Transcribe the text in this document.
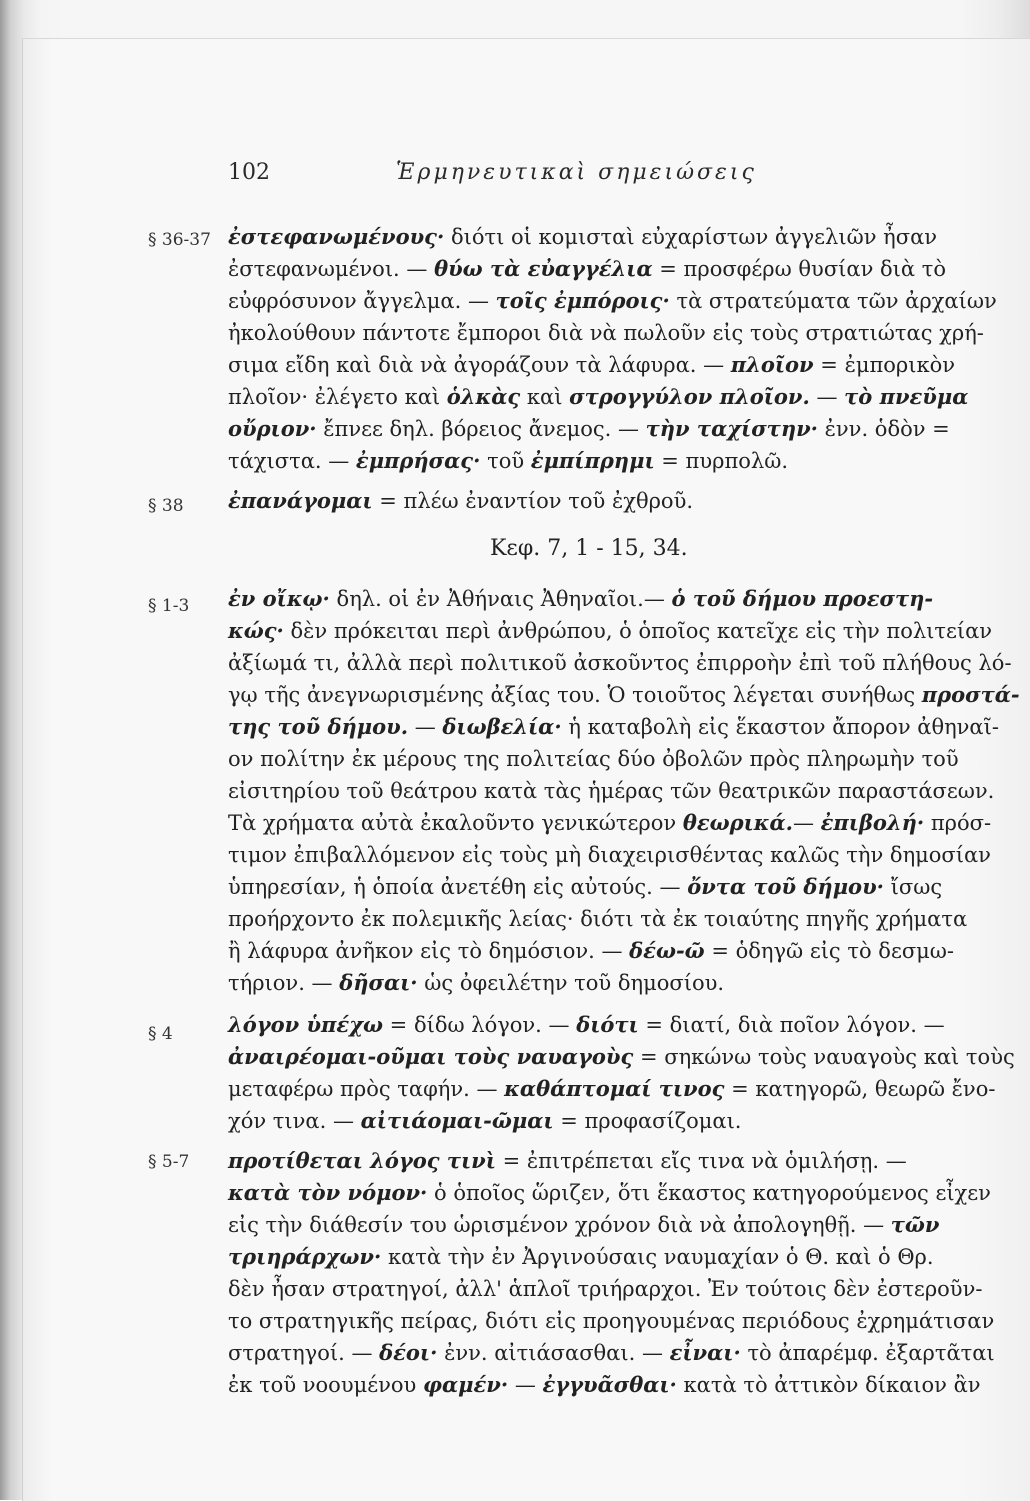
102	Ἑρμηνευτικαὶ σημειώσεις
§ 36-37
§ 38
§ 1-3
§ 4
§ 5-7
Κεφ. 7, 1 - 15, 34.
ἐστεφανωμένους· διότι οἱ κομισταὶ εὐχαρίστων ἀγγελιῶν ἦσαν
ἐστεφανωμένοι. — θύω τὰ εὐαγγέλια = προσφέρω θυσίαν διὰ τὸ
εὐφρόσυνον ἄγγελμα. — τοῖς ἐμπόροις· τὰ στρατεύματα τῶν ἀρχαίων
ἠκολούθουν πάντοτε ἔμποροι διὰ νὰ πωλοῦν εἰς τοὺς στρατιώτας χρή-
σιμα εἴδη καὶ διὰ νὰ ἀγοράζουν τὰ λάφυρα. — πλοῖον = ἐμπορικὸν
πλοῖον· ἐλέγετο καὶ ὁλκὰς καὶ στρογγύλον πλοῖον. — τὸ πνεῦμα
οὔριον· ἔπνεε δηλ. βόρειος ἄνεμος. — τὴν ταχίστην· ἐνν. ὁδὸν =
τάχιστα. — ἐμπρήσας· τοῦ ἐμπίπρημι = πυρπολῶ.
ἐπανάγομαι = πλέω ἐναντίον τοῦ ἐχθροῦ.
ἐν οἴκῳ· δηλ. οἱ ἐν Ἀθήναις Ἀθηναῖοι.— ὁ τοῦ δήμου προεστη-
κώς· δὲν πρόκειται περὶ ἀνθρώπου, ὁ ὁποῖος κατεῖχε εἰς τὴν πολιτείαν
ἀξίωμά τι, ἀλλὰ περὶ πολιτικοῦ ἀσκοῦντος ἐπιρροὴν ἐπὶ τοῦ πλήθους λό-
γῳ τῆς ἀνεγνωρισμένης ἀξίας του. Ὁ τοιοῦτος λέγεται συνήθως προστά-
της τοῦ δήμου. — διωβελία· ἡ καταβολὴ εἰς ἕκαστον ἄπορον ἀθηναῖ-
ον πολίτην ἐκ μέρους της πολιτείας δύο ὀβολῶν πρὸς πληρωμὴν τοῦ
εἰσιτηρίου τοῦ θεάτρου κατὰ τὰς ἡμέρας τῶν θεατρικῶν παραστάσεων.
Τὰ χρήματα αὐτὰ ἐκαλοῦντο γενικώτερον θεωρικά.— ἐπιβολή· πρόσ-
τιμον ἐπιβαλλόμενον εἰς τοὺς μὴ διαχειρισθέντας καλῶς τὴν δημοσίαν
ὑπηρεσίαν, ἡ ὁποία ἀνετέθη εἰς αὐτούς. — ὄντα τοῦ δήμου· ἴσως
προήρχοντο ἐκ πολεμικῆς λείας· διότι τὰ ἐκ τοιαύτης πηγῆς χρήματα
ἢ λάφυρα ἀνῆκον εἰς τὸ δημόσιον. — δέω-ῶ = ὁδηγῶ εἰς τὸ δεσμω-
τήριον. — δῆσαι· ὡς ὀφειλέτην τοῦ δημοσίου.
λόγον ὑπέχω = δίδω λόγον. — διότι = διατί, διὰ ποῖον λόγον. —
ἀναιρέομαι-οῦμαι τοὺς ναυαγοὺς = σηκώνω τοὺς ναυαγοὺς καὶ τοὺς
μεταφέρω πρὸς ταφήν. — καθάπτομαί τινος = κατηγορῶ, θεωρῶ ἔνο-
χόν τινα. — αἰτιάομαι-ῶμαι = προφασίζομαι.
προτίθεται λόγος τινὶ = ἐπιτρέπεται εἴς τινα νὰ ὁμιλήσῃ. —
κατὰ τὸν νόμον· ὁ ὁποῖος ὥριζεν, ὅτι ἕκαστος κατηγορούμενος εἶχεν
εἰς τὴν διάθεσίν του ὡρισμένον χρόνον διὰ νὰ ἀπολογηθῇ. — τῶν
τριηράρχων· κατὰ τὴν ἐν Ἀργινούσαις ναυμαχίαν ὁ Θ. καὶ ὁ Θρ.
δὲν ἦσαν στρατηγοί, ἀλλ' ἁπλοῖ τριήραρχοι. Ἐν τούτοις δὲν ἐστεροῦν-
το στρατηγικῆς πείρας, διότι εἰς προηγουμένας περιόδους ἐχρημάτισαν
στρατηγοί. — δέοι· ἐνν. αἰτιάσασθαι. — εἶναι· τὸ ἀπαρέμφ. ἐξαρτᾶται
ἐκ τοῦ νοουμένου φαμέν· — ἐγγυᾶσθαι· κατὰ τὸ ἀττικὸν δίκαιον ἂν
